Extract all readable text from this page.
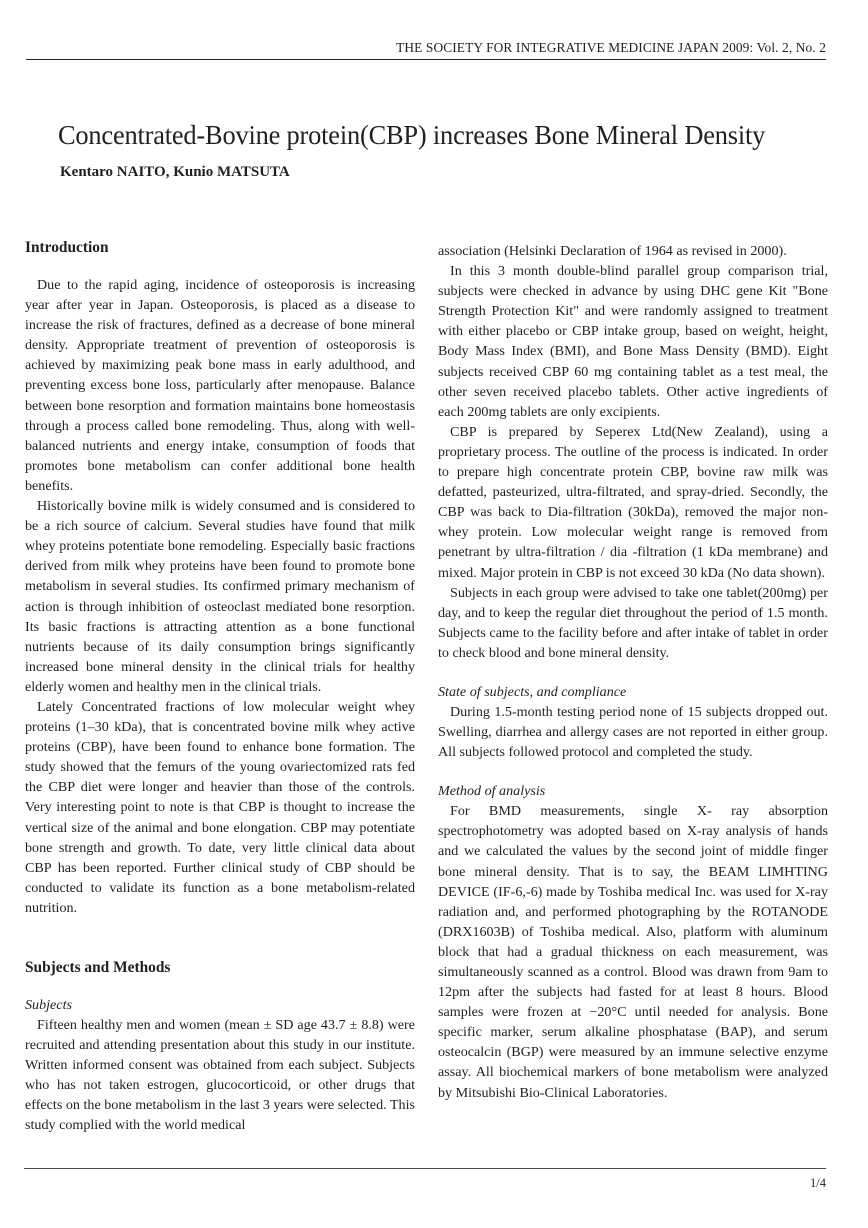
THE SOCIETY FOR INTEGRATIVE MEDICINE JAPAN 2009: Vol. 2, No. 2
Concentrated-Bovine protein(CBP) increases Bone Mineral Density
Kentaro NAITO, Kunio MATSUTA
Introduction

Due to the rapid aging, incidence of osteoporosis is increasing year after year in Japan. Osteoporosis, is placed as a disease to increase the risk of fractures, defined as a decrease of bone mineral density. Appropriate treatment of prevention of osteoporosis is achieved by maximizing peak bone mass in early adulthood, and preventing excess bone loss, particularly after menopause. Balance between bone resorption and formation maintains bone homeostasis through a process called bone remodeling. Thus, along with well-balanced nutrients and energy intake, consumption of foods that promotes bone metabolism can confer additional bone health benefits.

Historically bovine milk is widely consumed and is considered to be a rich source of calcium. Several studies have found that milk whey proteins potentiate bone remodeling. Especially basic fractions derived from milk whey proteins have been found to promote bone metabolism in several studies. Its confirmed primary mechanism of action is through inhibition of osteoclast mediated bone resorption. Its basic fractions is attracting attention as a bone functional nutrients because of its daily consumption brings significantly increased bone mineral density in the clinical trials for healthy elderly women and healthy men in the clinical trials.

Lately Concentrated fractions of low molecular weight whey proteins (1–30 kDa), that is concentrated bovine milk whey active proteins (CBP), have been found to enhance bone formation. The study showed that the femurs of the young ovariectomized rats fed the CBP diet were longer and heavier than those of the controls. Very interesting point to note is that CBP is thought to increase the vertical size of the animal and bone elongation. CBP may potentiate bone strength and growth. To date, very little clinical data about CBP has been reported. Further clinical study of CBP should be conducted to validate its function as a bone metabolism-related nutrition.

Subjects and Methods
Subjects

Fifteen healthy men and women (mean ± SD age 43.7 ± 8.8) were recruited and attending presentation about this study in our institute. Written informed consent was obtained from each subject. Subjects who has not taken estrogen, glucocorticoid, or other drugs that effects on the bone metabolism in the last 3 years were selected. This study complied with the world medical

association (Helsinki Declaration of 1964 as revised in 2000).

In this 3 month double-blind parallel group comparison trial, subjects were checked in advance by using DHC gene Kit "Bone Strength Protection Kit" and were randomly assigned to treatment with either placebo or CBP intake group, based on weight, height, Body Mass Index (BMI), and Bone Mass Density (BMD). Eight subjects received CBP 60 mg containing tablet as a test meal, the other seven received placebo tablets. Other active ingredients of each 200mg tablets are only excipients.

CBP is prepared by Seperex Ltd(New Zealand), using a proprietary process. The outline of the process is indicated. In order to prepare high concentrate protein CBP, bovine raw milk was defatted, pasteurized, ultra-filtrated, and spray-dried. Secondly, the CBP was back to Dia-filtration (30kDa), removed the major non-whey protein. Low molecular weight range is removed from penetrant by ultra-filtration / dia -filtration (1 kDa membrane) and mixed. Major protein in CBP is not exceed 30 kDa (No data shown).

Subjects in each group were advised to take one tablet(200mg) per day, and to keep the regular diet throughout the period of 1.5 month. Subjects came to the facility before and after intake of tablet in order to check blood and bone mineral density.

State of subjects, and compliance

During 1.5-month testing period none of 15 subjects dropped out. Swelling, diarrhea and allergy cases are not reported in either group. All subjects followed protocol and completed the study.

Method of analysis

For BMD measurements, single X- ray absorption spectrophotometry was adopted based on X-ray analysis of hands and we calculated the values by the second joint of middle finger bone mineral density. That is to say, the BEAM LIMHTING DEVICE (IF-6,-6) made by Toshiba medical Inc. was used for X-ray radiation and, and performed photographing by the ROTANODE (DRX1603B) of Toshiba medical. Also, platform with aluminum block that had a gradual thickness on each measurement, was simultaneously scanned as a control. Blood was drawn from 9am to 12pm after the subjects had fasted for at least 8 hours. Blood samples were frozen at −20°C until needed for analysis. Bone specific marker, serum alkaline phosphatase (BAP), and serum osteocalcin (BGP) were measured by an immune selective enzyme assay. All biochemical markers of bone metabolism were analyzed by Mitsubishi Bio-Clinical Laboratories.

1/4
